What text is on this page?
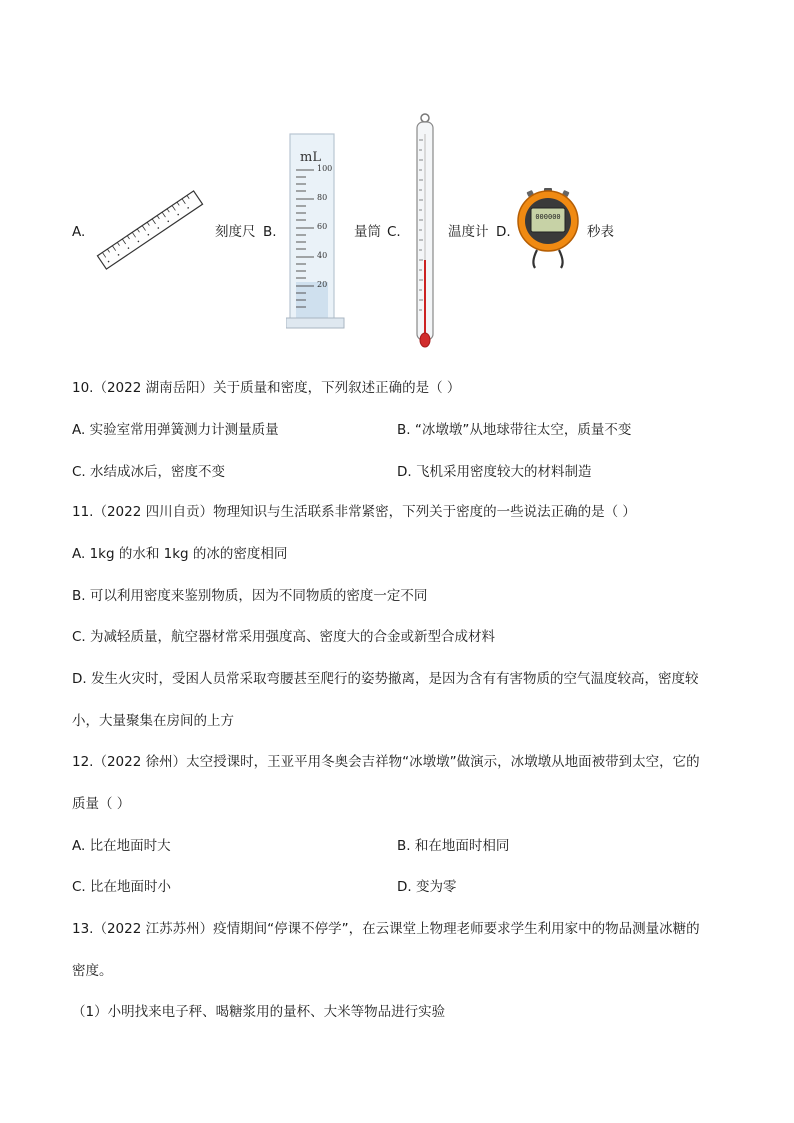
A.	刻度尺 B.
mL
100
80
60
40
20
量筒 C.	温度计 D.
000000
秒表
10.（2022 湖南岳阳）关于质量和密度，下列叙述正确的是（ ）
A. 实验室常用弹簧测力计测量质量	B. “冰墩墩”从地球带往太空，质量不变
C. 水结成冰后，密度不变	D. 飞机采用密度较大的材料制造
11.（2022 四川自贡）物理知识与生活联系非常紧密，下列关于密度的一些说法正确的是（ ）
A. 1kg 的水和 1kg 的冰的密度相同
B. 可以利用密度来鉴别物质，因为不同物质的密度一定不同
C. 为减轻质量，航空器材常采用强度高、密度大的合金或新型合成材料
D. 发生火灾时，受困人员常采取弯腰甚至爬行的姿势撤离，是因为含有有害物质的空气温度较高，密度较
小，大量聚集在房间的上方
12.（2022 徐州）太空授课时，王亚平用冬奥会吉祥物“冰墩墩”做演示，冰墩墩从地面被带到太空，它的
质量（ ）
A. 比在地面时大	B. 和在地面时相同
C. 比在地面时小	D. 变为零
13.（2022 江苏苏州）疫情期间“停课不停学”，在云课堂上物理老师要求学生利用家中的物品测量冰糖的
密度。
（1）小明找来电子秤、喝糖浆用的量杯、大米等物品进行实验
